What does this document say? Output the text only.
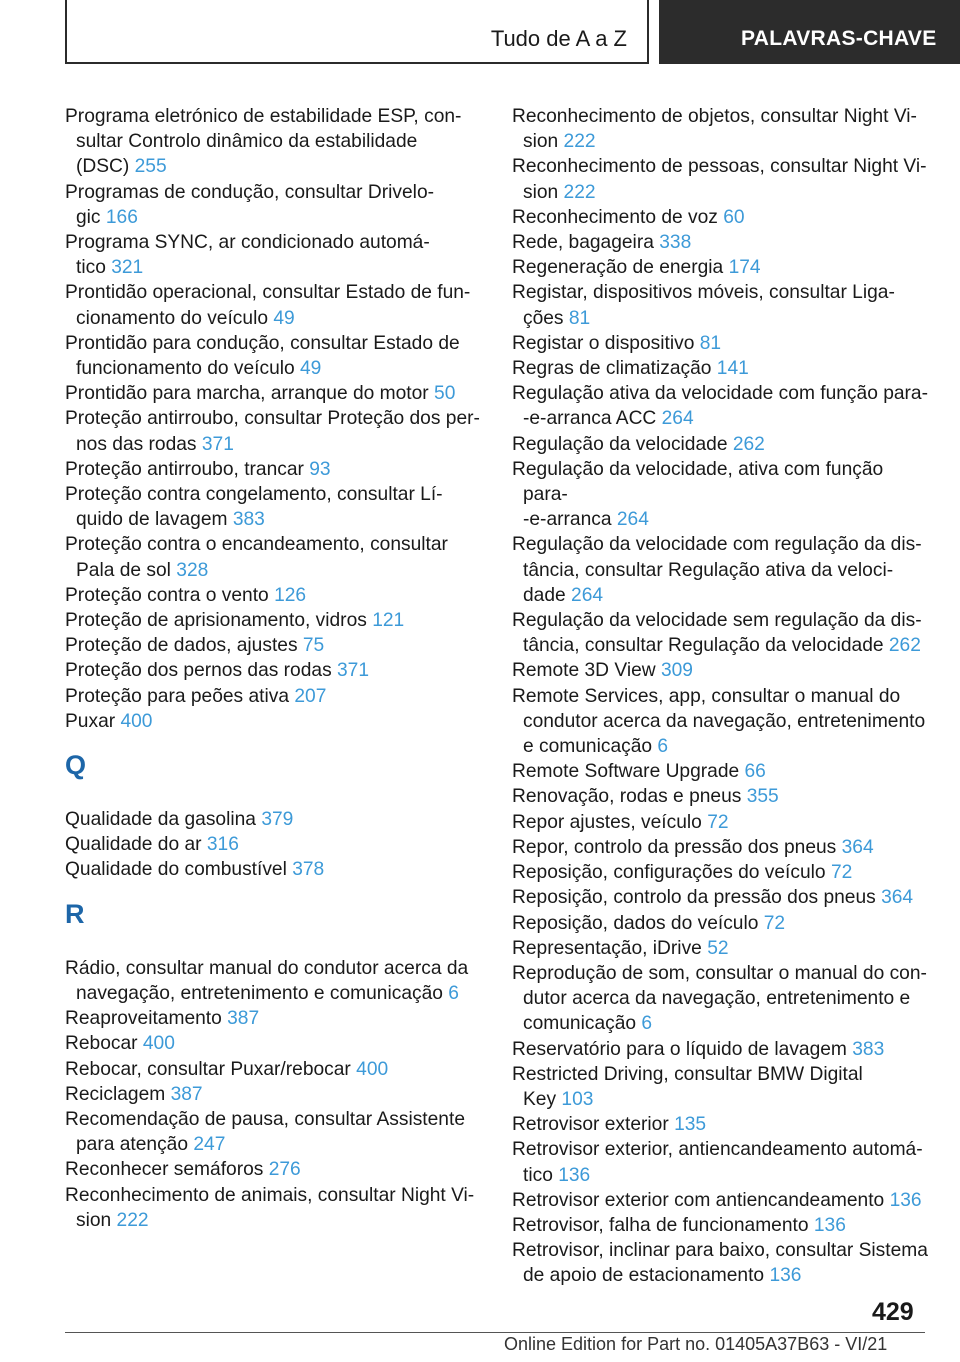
Tudo de A a Z	PALAVRAS-CHAVE

Programa eletrónico de estabilidade ESP, con-
sultar Controlo dinâmico da estabilidade
(DSC) 255

Programas de condução, consultar Drivelo-
gic 166

Programa SYNC, ar condicionado automá-
tico 321

Prontidão operacional, consultar Estado de fun-
cionamento do veículo 49

Prontidão para condução, consultar Estado de
funcionamento do veículo 49

Prontidão para marcha, arranque do motor 50

Proteção antirroubo, consultar Proteção dos per-
nos das rodas 371

Proteção antirroubo, trancar 93

Proteção contra congelamento, consultar Lí-
quido de lavagem 383

Proteção contra o encandeamento, consultar
Pala de sol 328

Proteção contra o vento 126

Proteção de aprisionamento, vidros 121

Proteção de dados, ajustes 75

Proteção dos pernos das rodas 371

Proteção para peões ativa 207

Puxar 400

Q

Qualidade da gasolina 379

Qualidade do ar 316

Qualidade do combustível 378

R

Rádio, consultar manual do condutor acerca da
navegação, entretenimento e comunicação 6

Reaproveitamento 387

Rebocar 400

Rebocar, consultar Puxar/rebocar 400

Reciclagem 387

Recomendação de pausa, consultar Assistente
para atenção 247

Reconhecer semáforos 276

Reconhecimento de animais, consultar Night Vi-
sion 222

Reconhecimento de objetos, consultar Night Vi-
sion 222

Reconhecimento de pessoas, consultar Night Vi-
sion 222

Reconhecimento de voz 60

Rede, bagageira 338

Regeneração de energia 174

Registar, dispositivos móveis, consultar Liga-
ções 81

Registar o dispositivo 81

Regras de climatização 141

Regulação ativa da velocidade com função para-
-e-arranca ACC 264

Regulação da velocidade 262

Regulação da velocidade, ativa com função para-
-e-arranca 264

Regulação da velocidade com regulação da dis-
tância, consultar Regulação ativa da veloci-
dade 264

Regulação da velocidade sem regulação da dis-
tância, consultar Regulação da velocidade 262

Remote 3D View 309

Remote Services, app, consultar o manual do
condutor acerca da navegação, entretenimento
e comunicação 6

Remote Software Upgrade 66

Renovação, rodas e pneus 355

Repor ajustes, veículo 72

Repor, controlo da pressão dos pneus 364

Reposição, configurações do veículo 72

Reposição, controlo da pressão dos pneus 364

Reposição, dados do veículo 72

Representação, iDrive 52

Reprodução de som, consultar o manual do con-
dutor acerca da navegação, entretenimento e
comunicação 6

Reservatório para o líquido de lavagem 383

Restricted Driving, consultar BMW Digital
Key 103

Retrovisor exterior 135

Retrovisor exterior, antiencandeamento automá-
tico 136

Retrovisor exterior com antiencandeamento 136

Retrovisor, falha de funcionamento 136

Retrovisor, inclinar para baixo, consultar Sistema
de apoio de estacionamento 136

429
Online Edition for Part no. 01405A37B63 - VI/21
